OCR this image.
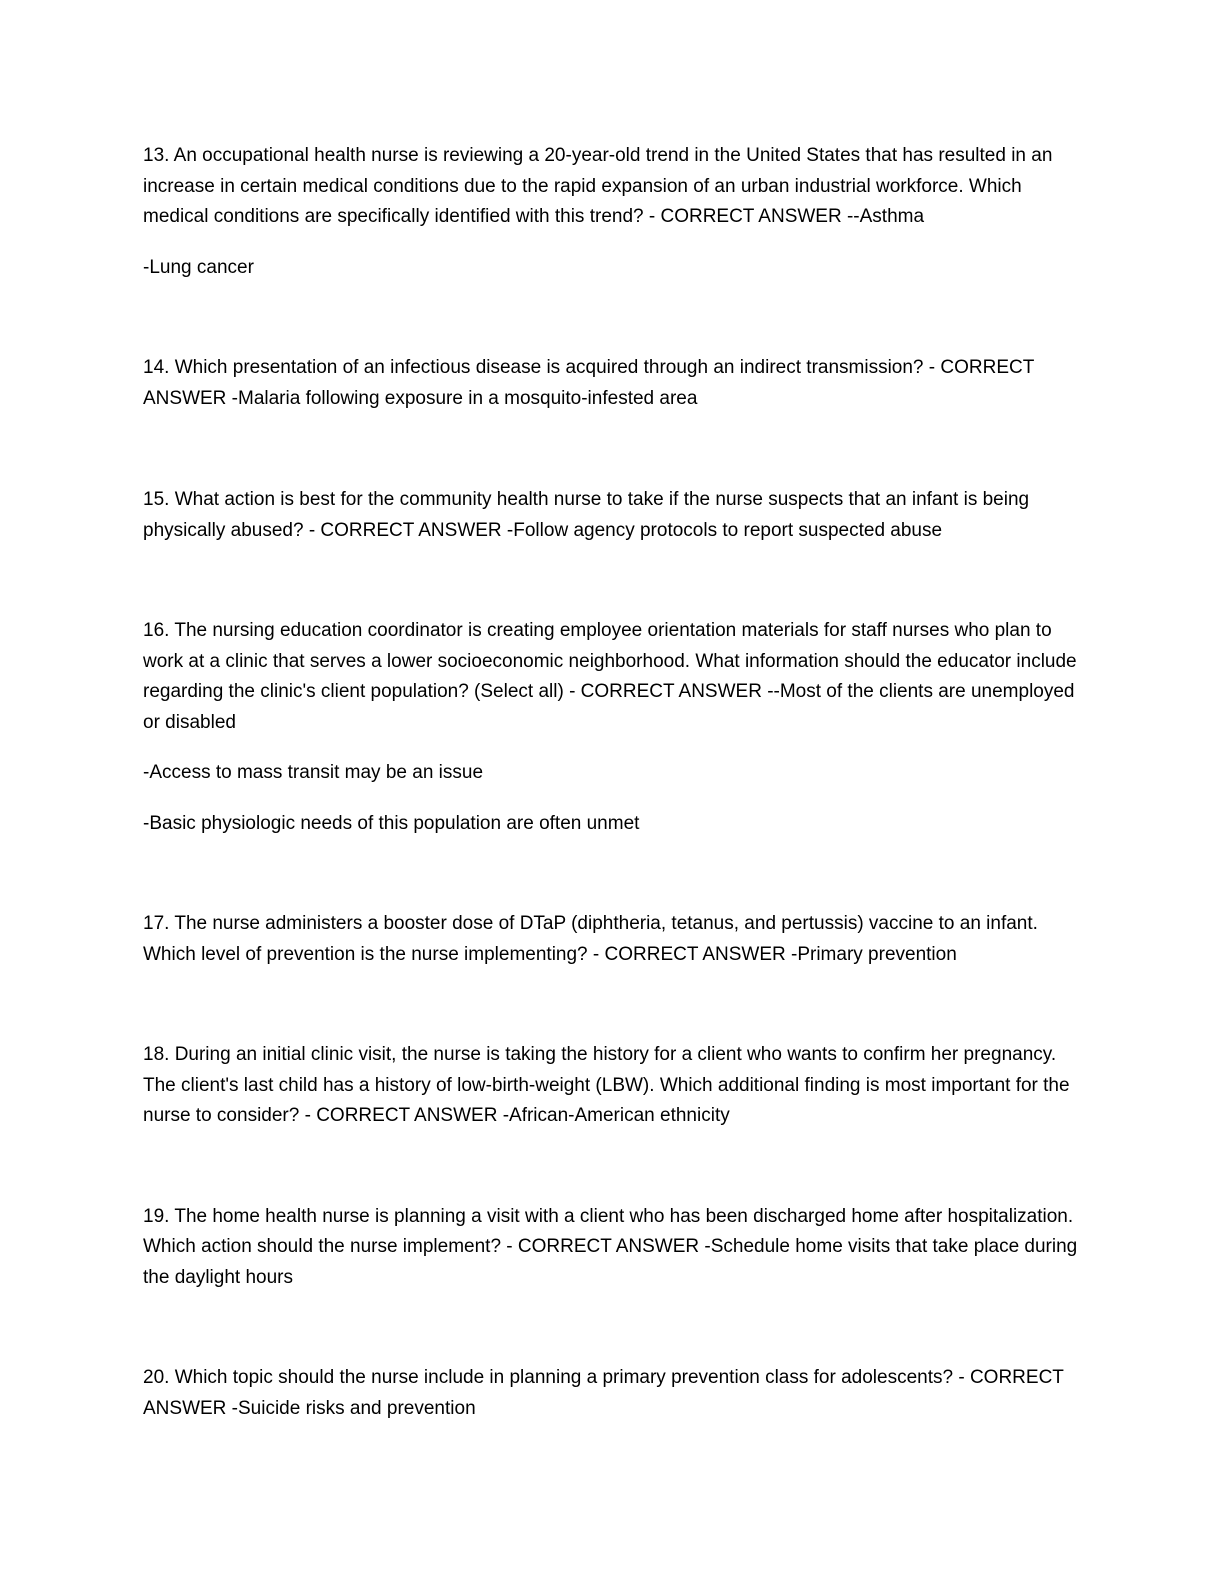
13. An occupational health nurse is reviewing a 20-year-old trend in the United States that has resulted in an increase in certain medical conditions due to the rapid expansion of an urban industrial workforce. Which medical conditions are specifically identified with this trend? - CORRECT ANSWER --Asthma

-Lung cancer

14. Which presentation of an infectious disease is acquired through an indirect transmission? - CORRECT ANSWER -Malaria following exposure in a mosquito-infested area

15. What action is best for the community health nurse to take if the nurse suspects that an infant is being physically abused? - CORRECT ANSWER -Follow agency protocols to report suspected abuse

16. The nursing education coordinator is creating employee orientation materials for staff nurses who plan to work at a clinic that serves a lower socioeconomic neighborhood. What information should the educator include regarding the clinic's client population? (Select all) - CORRECT ANSWER --Most of the clients are unemployed or disabled

-Access to mass transit may be an issue

-Basic physiologic needs of this population are often unmet

17. The nurse administers a booster dose of DTaP (diphtheria, tetanus, and pertussis) vaccine to an infant. Which level of prevention is the nurse implementing? - CORRECT ANSWER -Primary prevention

18. During an initial clinic visit, the nurse is taking the history for a client who wants to confirm her pregnancy. The client's last child has a history of low-birth-weight (LBW). Which additional finding is most important for the nurse to consider? - CORRECT ANSWER -African-American ethnicity

19. The home health nurse is planning a visit with a client who has been discharged home after hospitalization. Which action should the nurse implement? - CORRECT ANSWER -Schedule home visits that take place during the daylight hours

20. Which topic should the nurse include in planning a primary prevention class for adolescents? - CORRECT ANSWER -Suicide risks and prevention
